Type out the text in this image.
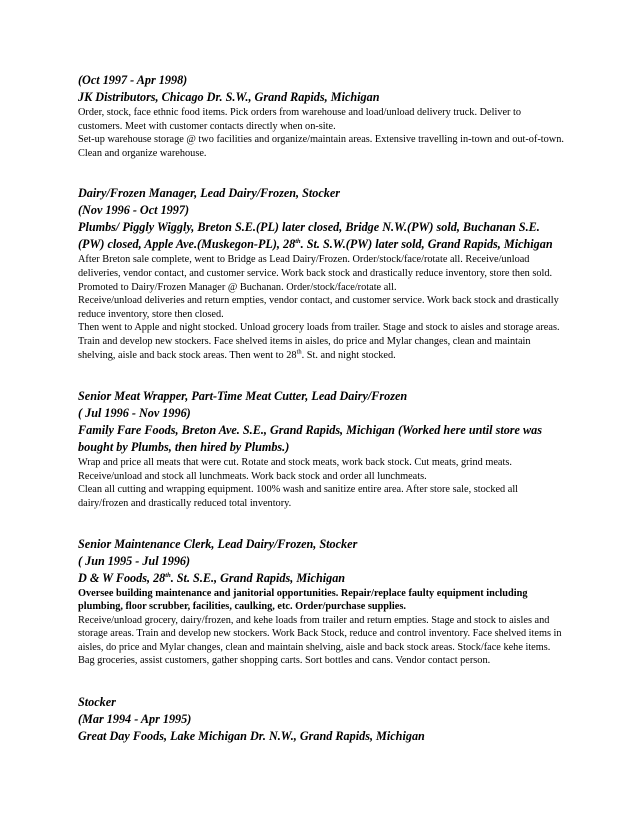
(Oct 1997 - Apr 1998)

JK Distributors, Chicago Dr. S.W., Grand Rapids, Michigan

Order, stock, face ethnic food items. Pick orders from warehouse and load/unload delivery truck. Deliver to customers. Meet with customer contacts directly when on-site.

Set-up warehouse storage @ two facilities and organize/maintain areas. Extensive travelling in-town and out-of-town. Clean and organize warehouse.

Dairy/Frozen Manager, Lead Dairy/Frozen, Stocker

(Nov 1996 - Oct 1997)

Plumbs/ Piggly Wiggly, Breton S.E.(PL) later closed, Bridge N.W.(PW) sold, Buchanan S.E.(PW) closed, Apple Ave.(Muskegon-PL), 28th. St. S.W.(PW) later sold, Grand Rapids, Michigan

After Breton sale complete, went to Bridge as Lead Dairy/Frozen. Order/stock/face/rotate all. Receive/unload deliveries, vendor contact, and customer service. Work back stock and drastically reduce inventory, store then sold.

Promoted to Dairy/Frozen Manager @ Buchanan. Order/stock/face/rotate all.

Receive/unload deliveries and return empties, vendor contact, and customer service. Work back stock and drastically reduce inventory, store then closed.

Then went to Apple and night stocked. Unload grocery loads from trailer. Stage and stock to aisles and storage areas. Train and develop new stockers. Face shelved items in aisles, do price and Mylar changes, clean and maintain shelving, aisle and back stock areas. Then went to 28th. St. and night stocked.

Senior Meat Wrapper, Part-Time Meat Cutter, Lead Dairy/Frozen

( Jul 1996 - Nov 1996)

Family Fare Foods, Breton Ave. S.E., Grand Rapids, Michigan (Worked here until store was bought by Plumbs, then hired by Plumbs.)

Wrap and price all meats that were cut. Rotate and stock meats, work back stock. Cut meats, grind meats.

Receive/unload and stock all lunchmeats. Work back stock and order all lunchmeats.

Clean all cutting and wrapping equipment. 100% wash and sanitize entire area. After store sale, stocked all dairy/frozen and drastically reduced total inventory.

Senior Maintenance Clerk, Lead Dairy/Frozen, Stocker

( Jun 1995 - Jul 1996)

D & W Foods, 28th. St. S.E., Grand Rapids, Michigan

Oversee building maintenance and janitorial opportunities. Repair/replace faulty equipment including plumbing, floor scrubber, facilities, caulking, etc. Order/purchase supplies.

Receive/unload grocery, dairy/frozen, and kehe loads from trailer and return empties. Stage and stock to aisles and storage areas. Train and develop new stockers. Work Back Stock, reduce and control inventory. Face shelved items in aisles, do price and Mylar changes, clean and maintain shelving, aisle and back stock areas. Stock/face kehe items.

Bag groceries, assist customers, gather shopping carts. Sort bottles and cans. Vendor contact person.

Stocker

(Mar 1994 - Apr 1995)

Great Day Foods, Lake Michigan Dr. N.W., Grand Rapids, Michigan
